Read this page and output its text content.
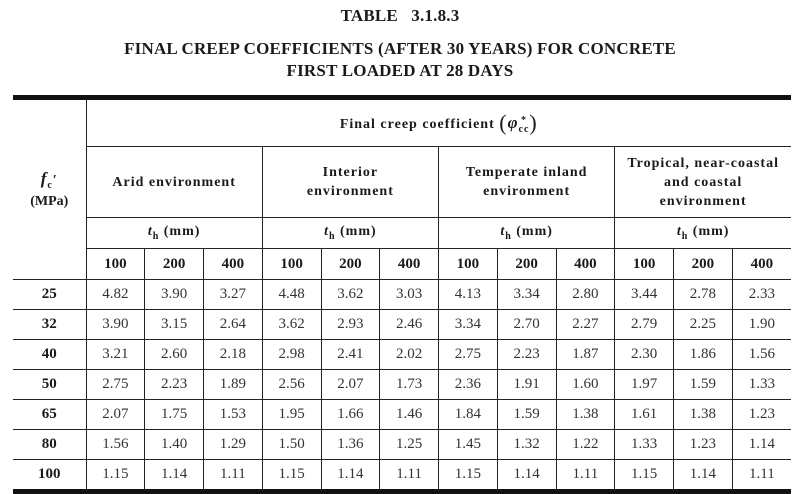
TABLE   3.1.8.3
FINAL CREEP COEFFICIENTS (AFTER 30 YEARS) FOR CONCRETE
FIRST LOADED AT 28 DAYS
$f_c'$
(MPa)
	Final creep coefficient (φ *
cc )
	Arid environment			Interior environment			Temperate inland environment			Tropical, near-coastal and coastal environment		
	$t_h$ (mm)			$t_h$ (mm)			$t_h$ (mm)			$t_h$ (mm)		
	100	200	400	100	200	400	100	200	400	100	200	400
25	4.82	3.90	3.27	4.48	3.62	3.03	4.13	3.34	2.80	3.44	2.78	2.33
32	3.90	3.15	2.64	3.62	2.93	2.46	3.34	2.70	2.27	2.79	2.25	1.90
40	3.21	2.60	2.18	2.98	2.41	2.02	2.75	2.23	1.87	2.30	1.86	1.56
50	2.75	2.23	1.89	2.56	2.07	1.73	2.36	1.91	1.60	1.97	1.59	1.33
65	2.07	1.75	1.53	1.95	1.66	1.46	1.84	1.59	1.38	1.61	1.38	1.23
80	1.56	1.40	1.29	1.50	1.36	1.25	1.45	1.32	1.22	1.33	1.23	1.14
100	1.15	1.14	1.11	1.15	1.14	1.11	1.15	1.14	1.11	1.15	1.14	1.11
